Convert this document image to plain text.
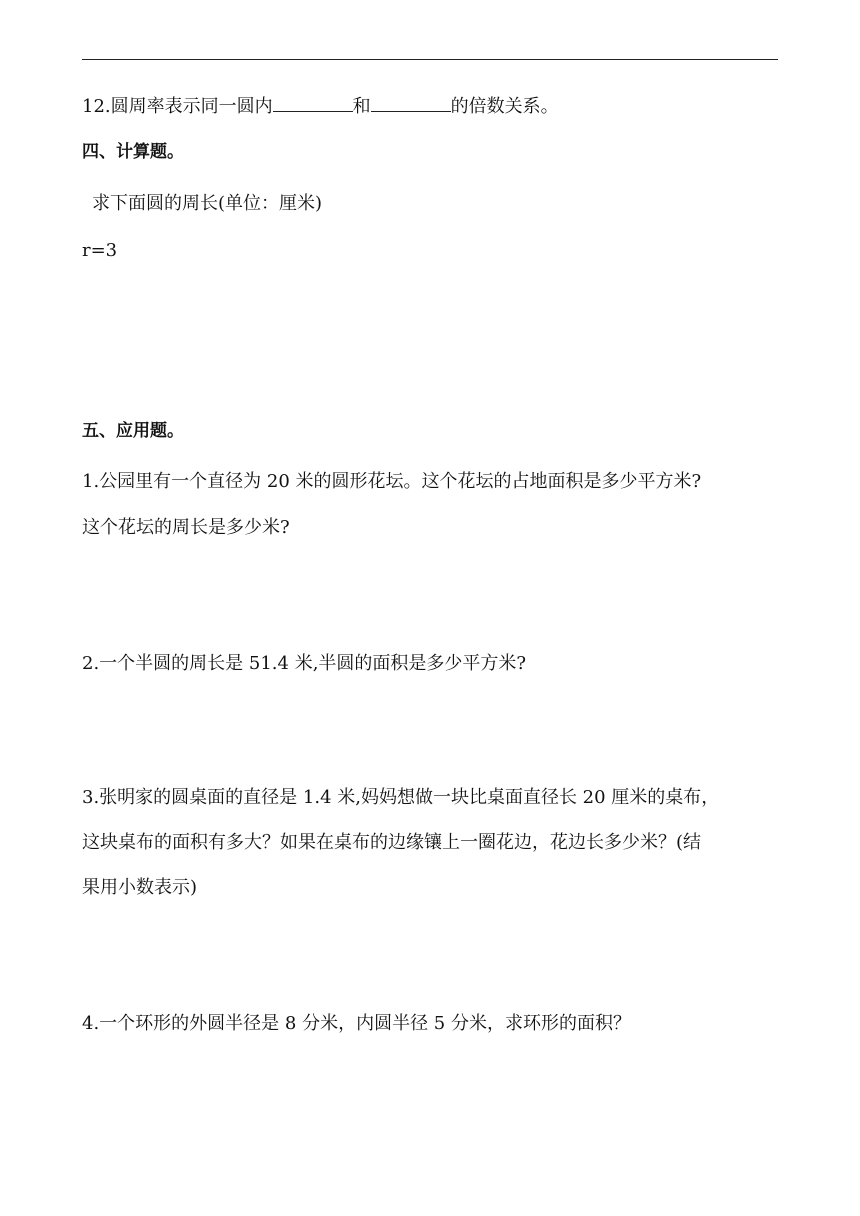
12.圆周率表示同一圆内	和	的倍数关系。
四、计算题。
求下面圆的周长(单位：厘米)
r=3
五、应用题。
1.公园里有一个直径为 20 米的圆形花坛。这个花坛的占地面积是多少平方米?
这个花坛的周长是多少米?
2.一个半圆的周长是 51.4 米,半圆的面积是多少平方米?
3.张明家的圆桌面的直径是 1.4 米,妈妈想做一块比桌面直径长 20 厘米的桌布，
这块桌布的面积有多大？如果在桌布的边缘镶上一圈花边，花边长多少米？(结
果用小数表示)
4.一个环形的外圆半径是 8 分米，内圆半径 5 分米，求环形的面积？
